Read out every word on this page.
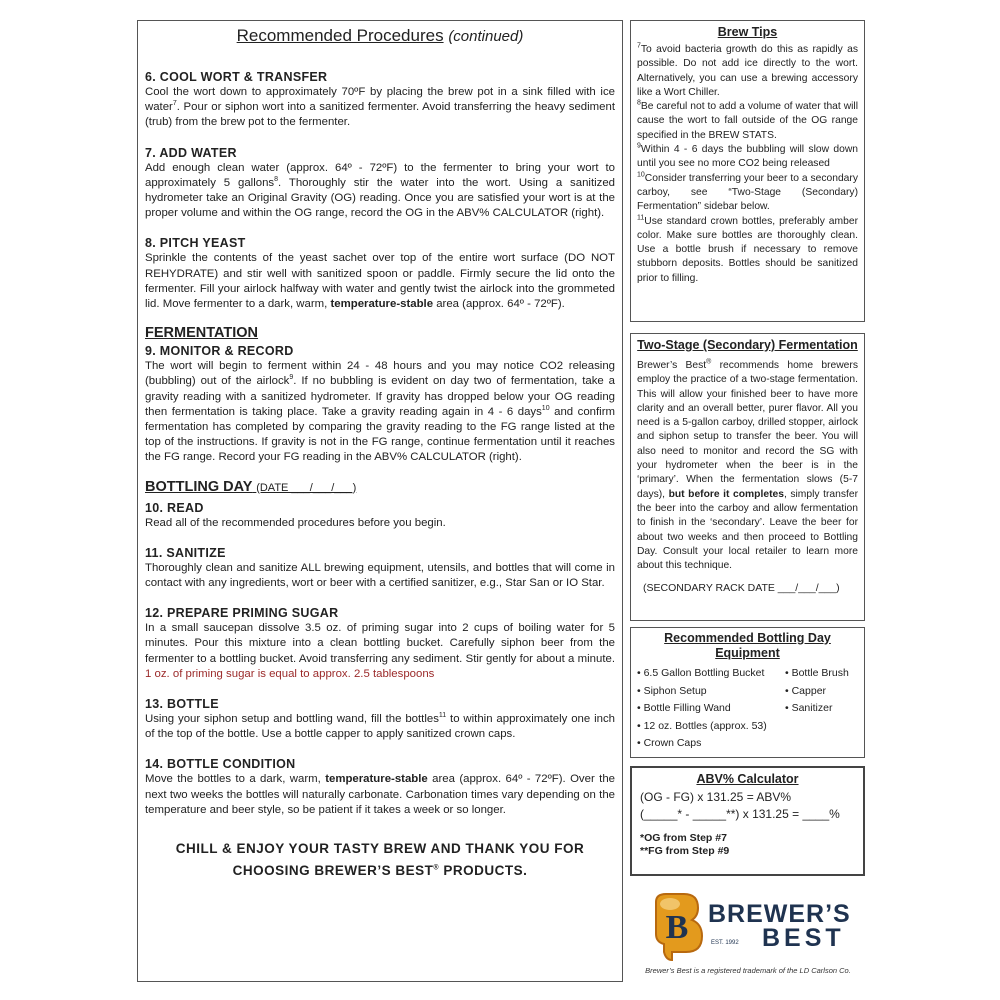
Recommended Procedures (continued)
6. COOL WORT & TRANSFER
Cool the wort down to approximately 70ºF by placing the brew pot in a sink filled with ice water$^7$. Pour or siphon wort into a sanitized fermenter. Avoid transferring the heavy sediment (trub) from the brew pot to the fermenter.
7. ADD WATER
Add enough clean water (approx. 64º - 72ºF) to the fermenter to bring your wort to approximately 5 gallons$^8$. Thoroughly stir the water into the wort. Using a sanitized hydrometer take an Original Gravity (OG) reading. Once you are satisfied your wort is at the proper volume and within the OG range, record the OG in the ABV% CALCULATOR (right).
8. PITCH YEAST
Sprinkle the contents of the yeast sachet over top of the entire wort surface (DO NOT REHYDRATE) and stir well with sanitized spoon or paddle. Firmly secure the lid onto the fermenter. Fill your airlock halfway with water and gently twist the airlock into the grommeted lid. Move fermenter to a dark, warm, temperature-stable area (approx. 64º - 72ºF).
FERMENTATION
9. MONITOR & RECORD
The wort will begin to ferment within 24 - 48 hours and you may notice CO2 releasing (bubbling) out of the airlock$^9$. If no bubbling is evident on day two of fermentation, take a gravity reading with a sanitized hydrometer. If gravity has dropped below your OG reading then fermentation is taking place. Take a gravity reading again in 4 - 6 days$^{10}$ and confirm fermentation has completed by comparing the gravity reading to the FG range listed at the top of the instructions. If gravity is not in the FG range, continue fermentation until it reaches the FG range. Record your FG reading in the ABV% CALCULATOR (right).
BOTTLING DAY (DATE ___/___/___)
10. READ
Read all of the recommended procedures before you begin.
11. SANITIZE
Thoroughly clean and sanitize ALL brewing equipment, utensils, and bottles that will come in contact with any ingredients, wort or beer with a certified sanitizer, e.g., Star San or IO Star.
12. PREPARE PRIMING SUGAR
In a small saucepan dissolve 3.5 oz. of priming sugar into 2 cups of boiling water for 5 minutes. Pour this mixture into a clean bottling bucket. Carefully siphon beer from the fermenter to a bottling bucket. Avoid transferring any sediment. Stir gently for about a minute. 1 oz. of priming sugar is equal to approx. 2.5 tablespoons
13. BOTTLE
Using your siphon setup and bottling wand, fill the bottles$^{11}$ to within approximately one inch of the top of the bottle. Use a bottle capper to apply sanitized crown caps.
14. BOTTLE CONDITION
Move the bottles to a dark, warm, temperature-stable area (approx. 64º - 72ºF). Over the next two weeks the bottles will naturally carbonate. Carbonation times vary depending on the temperature and beer style, so be patient if it takes a week or so longer.
CHILL & ENJOY YOUR TASTY BREW AND THANK YOU FOR
CHOOSING BREWER’S BEST® PRODUCTS.
Brew Tips
$^7$To avoid bacteria growth do this as rapidly as possible. Do not add ice directly to the wort. Alternatively, you can use a brewing accessory like a Wort Chiller.
$^8$Be careful not to add a volume of water that will cause the wort to fall outside of the OG range specified in the BREW STATS.
$^9$Within 4 - 6 days the bubbling will slow down until you see no more CO2 being released
$^{10}$Consider transferring your beer to a secondary carboy, see “Two-Stage (Secondary) Fermentation” sidebar below.
$^{11}$Use standard crown bottles, preferably amber color. Make sure bottles are thoroughly clean. Use a bottle brush if necessary to remove stubborn deposits. Bottles should be sanitized prior to filling.
Two-Stage (Secondary) Fermentation
Brewer’s Best® recommends home brewers employ the practice of a two-stage fermentation. This will allow your finished beer to have more clarity and an overall better, purer flavor. All you need is a 5-gallon carboy, drilled stopper, airlock and siphon setup to transfer the beer. You will also need to monitor and record the SG with your hydrometer when the beer is in the ‘primary’. When the fermentation slows (5-7 days), but before it completes, simply transfer the beer into the carboy and allow fermentation to finish in the ‘secondary’. Leave the beer for about two weeks and then proceed to Bottling Day. Consult your local retailer to learn more about this technique.
(SECONDARY RACK DATE ___/___/___)
Recommended Bottling Day
Equipment
• 6.5 Gallon Bottling Bucket
• Siphon Setup
• Bottle Filling Wand
• 12 oz. Bottles (approx. 53)
• Crown Caps
• Bottle Brush
• Capper
• Sanitizer
ABV% Calculator
(OG - FG) x 131.25 = ABV%
(_____* - _____**) x 131.25 = ____%
*OG from Step #7
**FG from Step #9
B BREWER’S
EST. 1992 BEST
Brewer’s Best is a registered trademark of the LD Carlson Co.
